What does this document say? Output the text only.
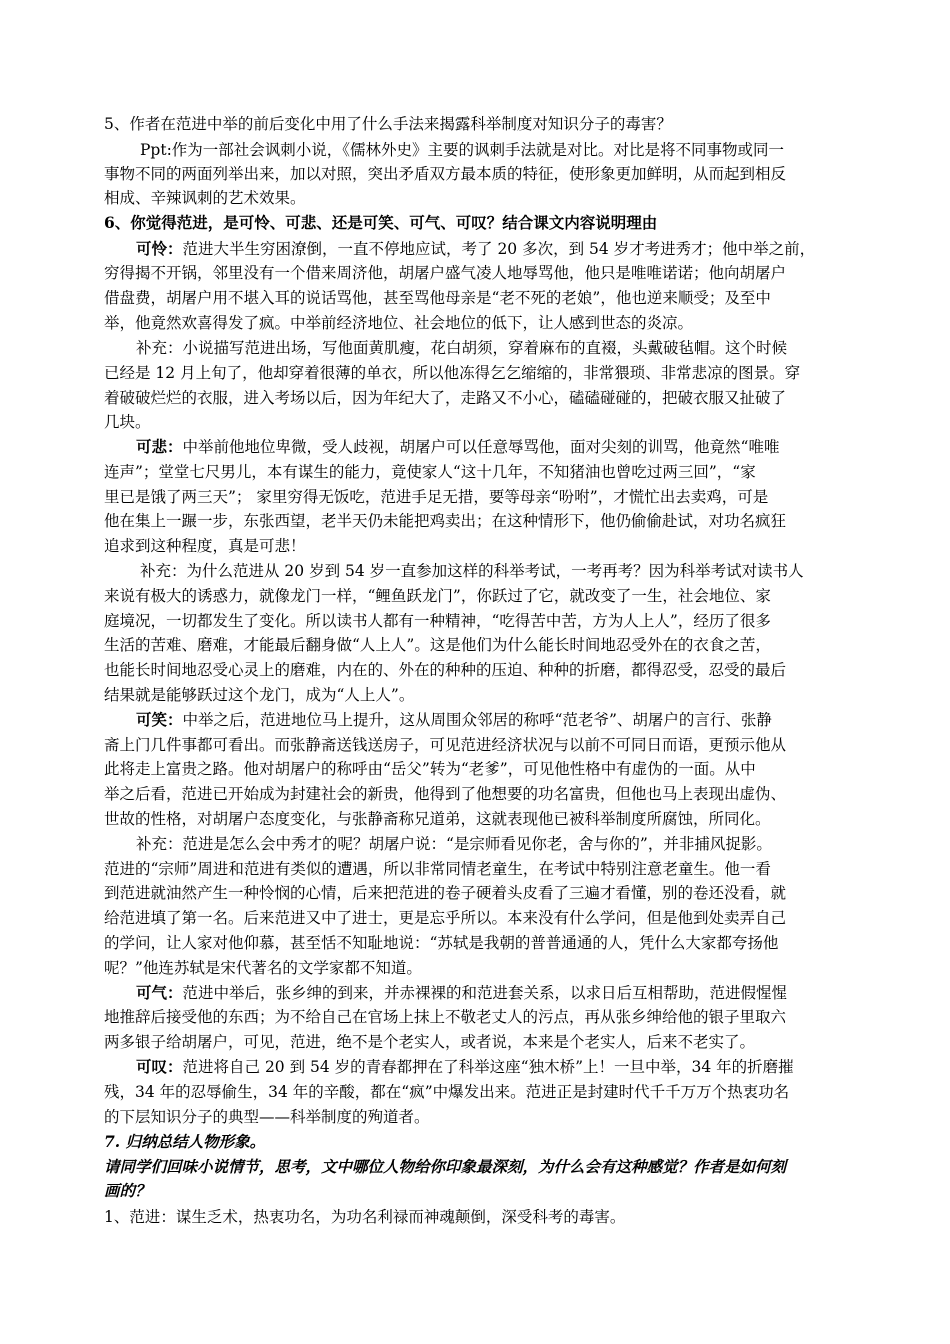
5、作者在范进中举的前后变化中用了什么手法来揭露科举制度对知识分子的毒害？
Ppt:作为一部社会讽刺小说，《儒林外史》主要的讽刺手法就是对比。对比是将不同事物或同一
事物不同的两面列举出来，加以对照，突出矛盾双方最本质的特征，使形象更加鲜明，从而起到相反
相成、辛辣讽刺的艺术效果。
6、你觉得范进，是可怜、可悲、还是可笑、可气、可叹？结合课文内容说明理由
可怜：范进大半生穷困潦倒，一直不停地应试，考了 20 多次，到 54 岁才考进秀才；他中举之前，
穷得揭不开锅，邻里没有一个借来周济他，胡屠户盛气凌人地辱骂他，他只是唯唯诺诺；他向胡屠户
借盘费，胡屠户用不堪入耳的说话骂他，甚至骂他母亲是“老不死的老娘”，他也逆来顺受；及至中
举，他竟然欢喜得发了疯。中举前经济地位、社会地位的低下，让人感到世态的炎凉。
补充：小说描写范进出场，写他面黄肌瘦，花白胡须，穿着麻布的直裰，头戴破毡帽。这个时候
已经是 12 月上旬了，他却穿着很薄的单衣，所以他冻得乞乞缩缩的，非常猥琐、非常悲凉的图景。穿
着破破烂烂的衣服，进入考场以后，因为年纪大了，走路又不小心，磕磕碰碰的，把破衣服又扯破了
几块。
可悲：中举前他地位卑微，受人歧视，胡屠户可以任意辱骂他，面对尖刻的训骂，他竟然“唯唯
连声”；堂堂七尺男儿，本有谋生的能力，竟使家人“这十几年，不知猪油也曾吃过两三回”，“家
里已是饿了两三天”； 家里穷得无饭吃，范进手足无措，要等母亲“吩咐”，才慌忙出去卖鸡，可是
他在集上一蹍一步，东张西望，老半天仍未能把鸡卖出；在这种情形下，他仍偷偷赴试，对功名疯狂
追求到这种程度，真是可悲！
补充：为什么范进从 20 岁到 54 岁一直参加这样的科举考试，一考再考？因为科举考试对读书人
来说有极大的诱惑力，就像龙门一样，“鲤鱼跃龙门”，你跃过了它，就改变了一生，社会地位、家
庭境况，一切都发生了变化。所以读书人都有一种精神，“吃得苦中苦，方为人上人”，经历了很多
生活的苦难、磨难，才能最后翻身做“人上人”。这是他们为什么能长时间地忍受外在的衣食之苦，
也能长时间地忍受心灵上的磨难，内在的、外在的种种的压迫、种种的折磨，都得忍受，忍受的最后
结果就是能够跃过这个龙门，成为“人上人”。
可笑：中举之后，范进地位马上提升，这从周围众邻居的称呼“范老爷”、胡屠户的言行、张静
斋上门几件事都可看出。而张静斋送钱送房子，可见范进经济状况与以前不可同日而语，更预示他从
此将走上富贵之路。他对胡屠户的称呼由“岳父”转为“老爹”，可见他性格中有虚伪的一面。从中
举之后看，范进已开始成为封建社会的新贵，他得到了他想要的功名富贵，但他也马上表现出虚伪、
世故的性格，对胡屠户态度变化，与张静斋称兄道弟，这就表现他已被科举制度所腐蚀，所同化。
补充：范进是怎么会中秀才的呢？胡屠户说：“是宗师看见你老，舍与你的”，并非捕风捉影。
范进的“宗师”周进和范进有类似的遭遇，所以非常同情老童生，在考试中特别注意老童生。他一看
到范进就油然产生一种怜悯的心情，后来把范进的卷子硬着头皮看了三遍才看懂，别的卷还没看，就
给范进填了第一名。后来范进又中了进士，更是忘乎所以。本来没有什么学问，但是他到处卖弄自己
的学问，让人家对他仰慕，甚至恬不知耻地说：“苏轼是我朝的普普通通的人，凭什么大家都夸扬他
呢？”他连苏轼是宋代著名的文学家都不知道。
可气：范进中举后，张乡绅的到来，并赤裸裸的和范进套关系，以求日后互相帮助，范进假惺惺
地推辞后接受他的东西；为不给自己在官场上抹上不敬老丈人的污点，再从张乡绅给他的银子里取六
两多银子给胡屠户，可见，范进，绝不是个老实人，或者说，本来是个老实人，后来不老实了。
可叹：范进将自己 20 到 54 岁的青春都押在了科举这座“独木桥”上！一旦中举，34 年的折磨摧
残，34 年的忍辱偷生，34 年的辛酸，都在“疯”中爆发出来。范进正是封建时代千千万万个热衷功名
的下层知识分子的典型——科举制度的殉道者。
7. 归纳总结人物形象。
请同学们回味小说情节，思考，文中哪位人物给你印象最深刻，为什么会有这种感觉？作者是如何刻
画的？
1、范进：谋生乏术，热衷功名，为功名利禄而神魂颠倒，深受科考的毒害。
